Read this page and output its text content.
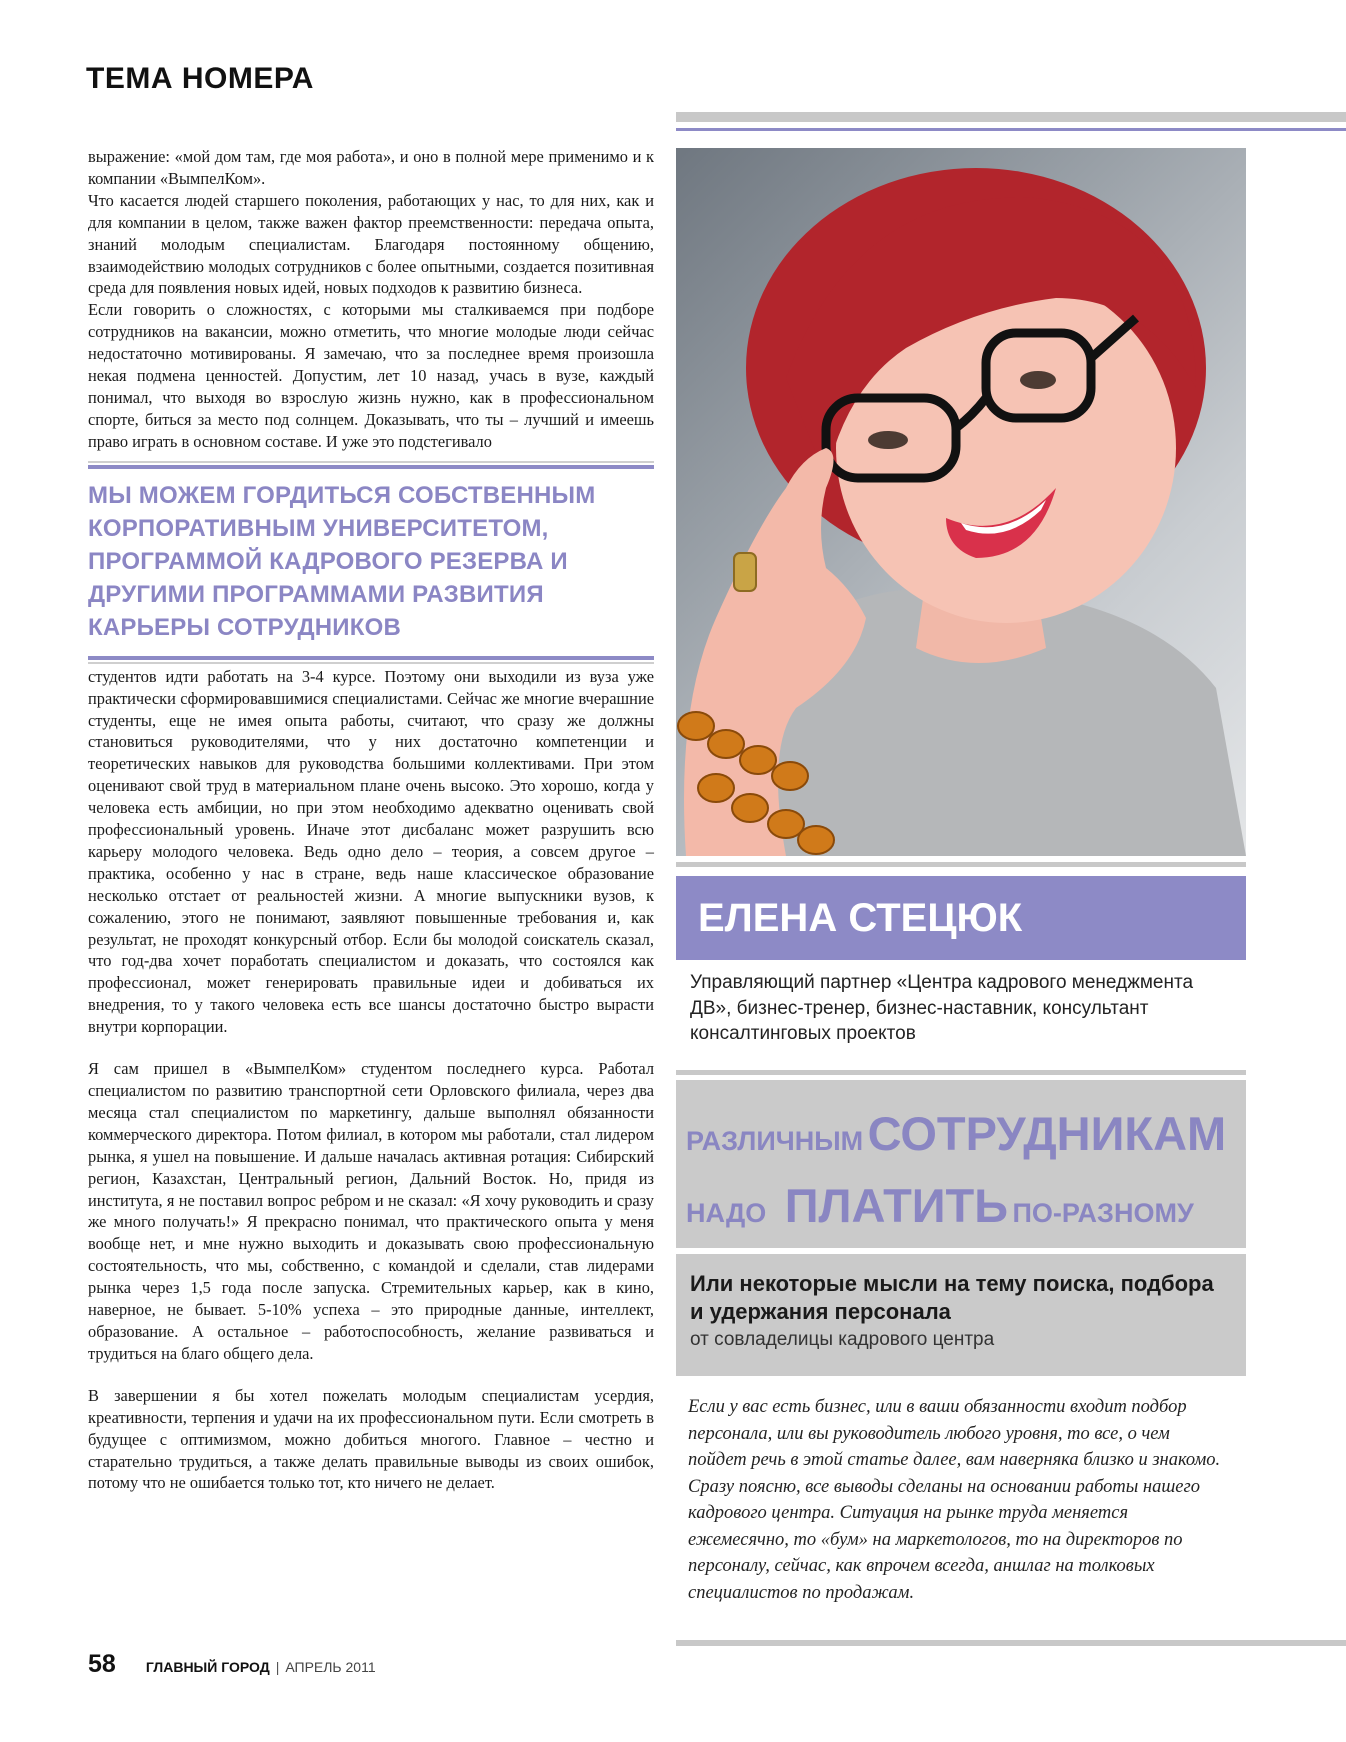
ТЕМА НОМЕРА

выражение: «мой дом там, где моя работа», и оно в полной мере применимо и к компании «ВымпелКом».

Что касается людей старшего поколения, работающих у нас, то для них, как и для компании в целом, также важен фактор преемственности: передача опыта, знаний молодым специалистам. Благодаря постоянному общению, взаимодействию молодых сотрудников с более опытными, создается позитивная среда для появления новых идей, новых подходов к развитию бизнеса.

Если говорить о сложностях, с которыми мы сталкиваемся при подборе сотрудников на вакансии, можно отметить, что многие молодые люди сейчас недостаточно мотивированы. Я замечаю, что за последнее время произошла некая подмена ценностей. Допустим, лет 10 назад, учась в вузе, каждый понимал, что выходя во взрослую жизнь нужно, как в профессиональном спорте, биться за место под солнцем. Доказывать, что ты – лучший и имеешь право играть в основном составе. И уже это подстегивало

МЫ МОЖЕМ ГОРДИТЬСЯ СОБСТВЕННЫМ КОРПОРАТИВНЫМ УНИВЕРСИТЕТОМ, ПРОГРАММОЙ КАДРОВОГО РЕЗЕРВА И ДРУГИМИ ПРОГРАММАМИ РАЗВИТИЯ КАРЬЕРЫ СОТРУДНИКОВ

студентов идти работать на 3-4 курсе. Поэтому они выходили из вуза уже практически сформировавшимися специалистами. Сейчас же многие вчерашние студенты, еще не имея опыта работы, считают, что сразу же должны становиться руководителями, что у них достаточно компетенции и теоретических навыков для руководства большими коллективами. При этом оценивают свой труд в материальном плане очень высоко. Это хорошо, когда у человека есть амбиции, но при этом необходимо адекватно оценивать свой профессиональный уровень. Иначе этот дисбаланс может разрушить всю карьеру молодого человека. Ведь одно дело – теория, а совсем другое – практика, особенно у нас в стране, ведь наше классическое образование несколько отстает от реальностей жизни. А многие выпускники вузов, к сожалению, этого не понимают, заявляют повышенные требования и, как результат, не проходят конкурсный отбор. Если бы молодой соискатель сказал, что год-два хочет поработать специалистом и доказать, что состоялся как профессионал, может генерировать правильные идеи и добиваться их внедрения, то у такого человека есть все шансы достаточно быстро вырасти внутри корпорации.

Я сам пришел в «ВымпелКом» студентом последнего курса. Работал специалистом по развитию транспортной сети Орловского филиала, через два месяца стал специалистом по маркетингу, дальше выполнял обязанности коммерческого директора. Потом филиал, в котором мы работали, стал лидером рынка, я ушел на повышение. И дальше началась активная ротация: Сибирский регион, Казахстан, Центральный регион, Дальний Восток. Но, придя из института, я не поставил вопрос ребром и не сказал: «Я хочу руководить и сразу же много получать!» Я прекрасно понимал, что практического опыта у меня вообще нет, и мне нужно выходить и доказывать свою профессиональную состоятельность, что мы, собственно, с командой и сделали, став лидерами рынка через 1,5 года после запуска. Стремительных карьер, как в кино, наверное, не бывает. 5-10% успеха – это природные данные, интеллект, образование. А остальное – работоспособность, желание развиваться и трудиться на благо общего дела.

В завершении я бы хотел пожелать молодым специалистам усердия, креативности, терпения и удачи на их профессиональном пути. Если смотреть в будущее с оптимизмом, можно добиться многого. Главное – честно и старательно трудиться, а также делать правильные выводы из своих ошибок, потому что не ошибается только тот, кто ничего не делает.

58 ГЛАВНЫЙ ГОРОД | АПРЕЛЬ 2011
ЕЛЕНА СТЕЦЮК
Управляющий партнер «Центра кадрового менеджмента ДВ», бизнес-тренер, бизнес-наставник, консультант консалтинговых проектов
РАЗЛИЧНЫМ СОТРУДНИКАМ
НАДО ПЛАТИТЬ ПО-РАЗНОМУ
Или некоторые мысли на тему поиска, подбора и удержания персонала
от совладелицы кадрового центра
Если у вас есть бизнес, или в ваши обязанности входит подбор персонала, или вы руководитель любого уровня, то все, о чем пойдет речь в этой статье далее, вам наверняка близко и знакомо. Сразу поясню, все выводы сделаны на основании работы нашего кадрового центра. Ситуация на рынке труда меняется ежемесячно, то «бум» на маркетологов, то на директоров по персоналу, сейчас, как впрочем всегда, аншлаг на толковых специалистов по продажам.
